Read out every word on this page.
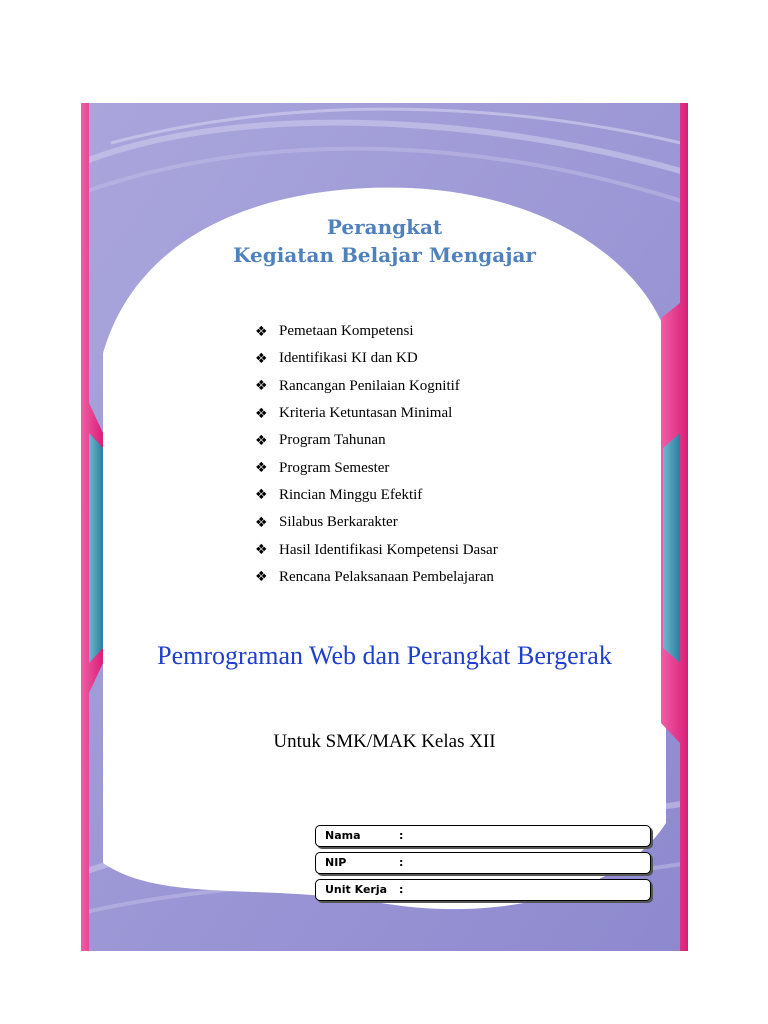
Perangkat
Kegiatan Belajar Mengajar
❖ Pemetaan Kompetensi
❖ Identifikasi KI dan KD
❖ Rancangan Penilaian Kognitif
❖ Kriteria Ketuntasan Minimal
❖ Program Tahunan
❖ Program Semester
❖ Rincian Minggu Efektif
❖ Silabus Berkarakter
❖ Hasil Identifikasi Kompetensi Dasar
❖ Rencana Pelaksanaan Pembelajaran
Pemrograman Web dan Perangkat Bergerak
Untuk SMK/MAK Kelas XII
Nama	:
NIP	:
Unit Kerja :
